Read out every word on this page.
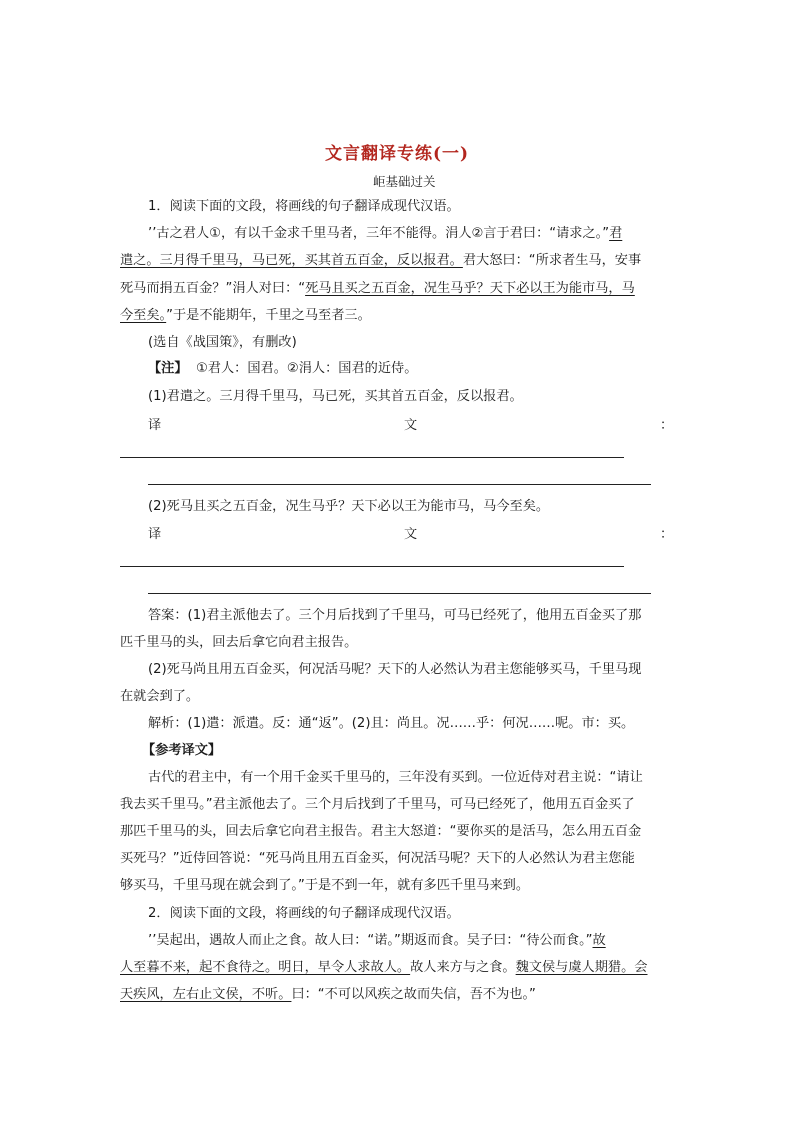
文言翻译专练(一)
岠基础过关
1．阅读下面的文段，将画线的句子翻译成现代汉语。
’’古之君人①，有以千金求千里马者，三年不能得。涓人②言于君曰：“请求之。”君
遣之。三月得千里马，马已死，买其首五百金，反以报君。君大怒曰：“所求者生马，安事
死马而捐五百金？”涓人对曰：“死马且买之五百金，况生马乎？天下必以王为能市马，马
今至矣。”于是不能期年，千里之马至者三。
(选自《战国策》，有删改)
【注】 ①君人：国君。②涓人：国君的近侍。
(1)君遣之。三月得千里马，马已死，买其首五百金，反以报君。
译	文	：
(2)死马且买之五百金，况生马乎？天下必以王为能市马，马今至矣。
译	文	：
答案：(1)君主派他去了。三个月后找到了千里马，可马已经死了，他用五百金买了那
匹千里马的头，回去后拿它向君主报告。
(2)死马尚且用五百金买，何况活马呢？天下的人必然认为君主您能够买马，千里马现
在就会到了。
解析：(1)遣：派遣。反：通“返”。(2)且：尚且。况……乎：何况……呢。市：买。
【参考译文】
古代的君主中，有一个用千金买千里马的，三年没有买到。一位近侍对君主说：“请让
我去买千里马。”君主派他去了。三个月后找到了千里马，可马已经死了，他用五百金买了
那匹千里马的头，回去后拿它向君主报告。君主大怒道：“要你买的是活马，怎么用五百金
买死马？”近侍回答说：“死马尚且用五百金买，何况活马呢？天下的人必然认为君主您能
够买马，千里马现在就会到了。”于是不到一年，就有多匹千里马来到。
2．阅读下面的文段，将画线的句子翻译成现代汉语。
’’吴起出，遇故人而止之食。故人曰：“诺。”期返而食。吴子曰：“待公而食。”故
人至暮不来，起不食待之。明日，早令人求故人。故人来方与之食。魏文侯与虞人期猎。会
天疾风，左右止文侯，不听。曰：“不可以风疾之故而失信，吾不为也。”
